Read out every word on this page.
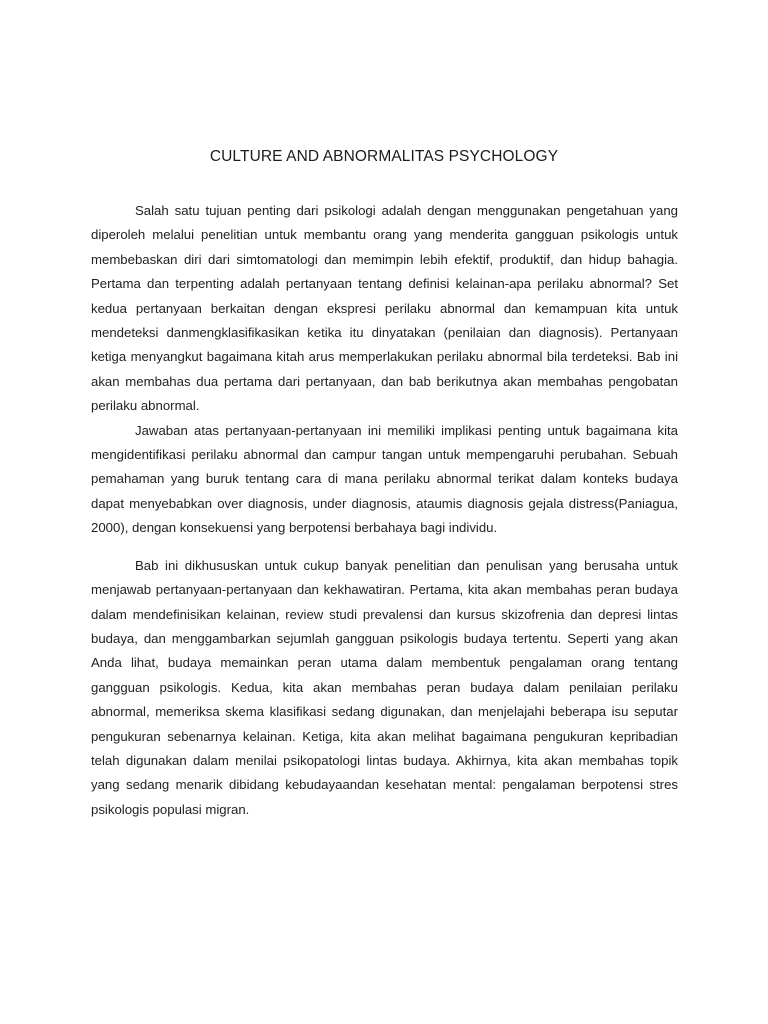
CULTURE AND ABNORMALITAS PSYCHOLOGY

Salah satu tujuan penting dari psikologi adalah dengan menggunakan pengetahuan yang diperoleh melalui penelitian untuk membantu orang yang menderita gangguan psikologis untuk membebaskan diri dari simtomatologi dan memimpin lebih efektif, produktif, dan hidup bahagia. Pertama dan terpenting adalah pertanyaan tentang definisi kelainan-apa perilaku abnormal? Set kedua pertanyaan berkaitan dengan ekspresi perilaku abnormal dan kemampuan kita untuk mendeteksi danmengklasifikasikan ketika itu dinyatakan (penilaian dan diagnosis). Pertanyaan ketiga menyangkut bagaimana kitah arus memperlakukan perilaku abnormal bila terdeteksi. Bab ini akan membahas dua pertama dari pertanyaan, dan bab berikutnya akan membahas pengobatan perilaku abnormal.

Jawaban atas pertanyaan-pertanyaan ini memiliki implikasi penting untuk bagaimana kita mengidentifikasi perilaku abnormal dan campur tangan untuk mempengaruhi perubahan. Sebuah pemahaman yang buruk tentang cara di mana perilaku abnormal terikat dalam konteks budaya dapat menyebabkan over diagnosis, under diagnosis, ataumis diagnosis gejala distress(Paniagua, 2000), dengan konsekuensi yang berpotensi berbahaya bagi individu.

Bab ini dikhususkan untuk cukup banyak penelitian dan penulisan yang berusaha untuk menjawab pertanyaan-pertanyaan dan kekhawatiran. Pertama, kita akan membahas peran budaya dalam mendefinisikan kelainan, review studi prevalensi dan kursus skizofrenia dan depresi lintas budaya, dan menggambarkan sejumlah gangguan psikologis budaya tertentu. Seperti yang akan Anda lihat, budaya memainkan peran utama dalam membentuk pengalaman orang tentang gangguan psikologis. Kedua, kita akan membahas peran budaya dalam penilaian perilaku abnormal, memeriksa skema klasifikasi sedang digunakan, dan menjelajahi beberapa isu seputar pengukuran sebenarnya kelainan. Ketiga, kita akan melihat bagaimana pengukuran kepribadian telah digunakan dalam menilai psikopatologi lintas budaya. Akhirnya, kita akan membahas topik yang sedang menarik dibidang kebudayaandan kesehatan mental: pengalaman berpotensi stres psikologis populasi migran.
